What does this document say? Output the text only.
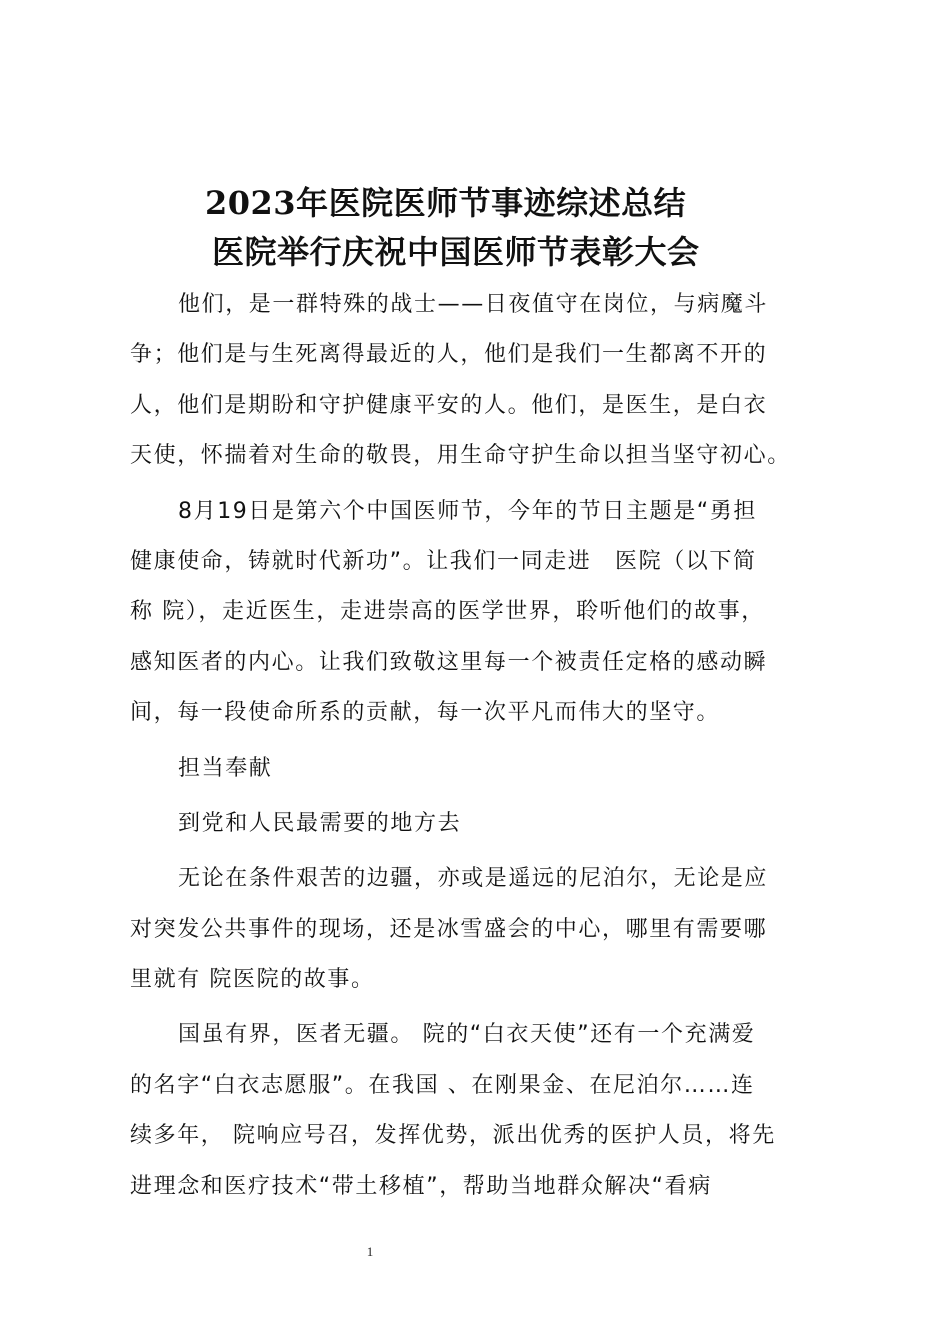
2023年医院医师节事迹综述总结
医院举行庆祝中国医师节表彰大会
他们，是一群特殊的战士——日夜值守在岗位，与病魔斗
争；他们是与生死离得最近的人，他们是我们一生都离不开的
人，他们是期盼和守护健康平安的人。他们，是医生，是白衣
天使，怀揣着对生命的敬畏，用生命守护生命以担当坚守初心。
8月19日是第六个中国医师节，今年的节日主题是“勇担
健康使命，铸就时代新功”。让我们一同走进　医院（以下简
称 院），走近医生，走进崇高的医学世界，聆听他们的故事，
感知医者的内心。让我们致敬这里每一个被责任定格的感动瞬
间，每一段使命所系的贡献，每一次平凡而伟大的坚守。
担当奉献
到党和人民最需要的地方去
无论在条件艰苦的边疆，亦或是遥远的尼泊尔，无论是应
对突发公共事件的现场，还是冰雪盛会的中心，哪里有需要哪
里就有 院医院的故事。
国虽有界，医者无疆。 院的“白衣天使”还有一个充满爱
的名字“白衣志愿服”。在我国 、在刚果金、在尼泊尔……连
续多年， 院响应号召，发挥优势，派出优秀的医护人员，将先
进理念和医疗技术“带土移植”，帮助当地群众解决“看病
1
